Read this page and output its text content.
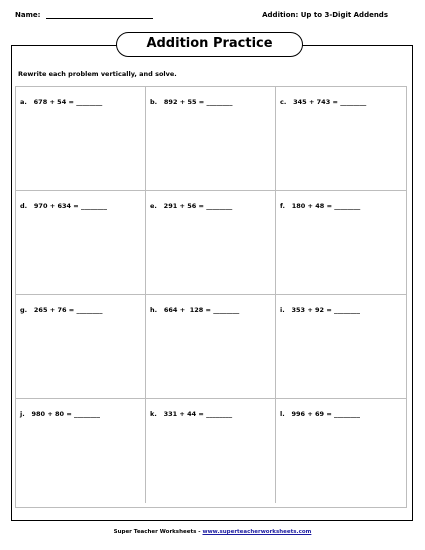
Name:	Addition: Up to 3-Digit Addends
Addition Practice
Rewrite each problem vertically, and solve.
a.   678 + 54 = ________	b.   892 + 55 = ________	c.   345 + 743 = ________
d.   970 + 634 = ________	e.   291 + 56 = ________	f.   180 + 48 = ________
g.   265 + 76 = ________	h.   664 +  128 = ________	i.   353 + 92 = ________
j.   980 + 80 = ________	k.   331 + 44 = ________	l.   996 + 69 = ________
Super Teacher Worksheets - www.superteacherworksheets.com
